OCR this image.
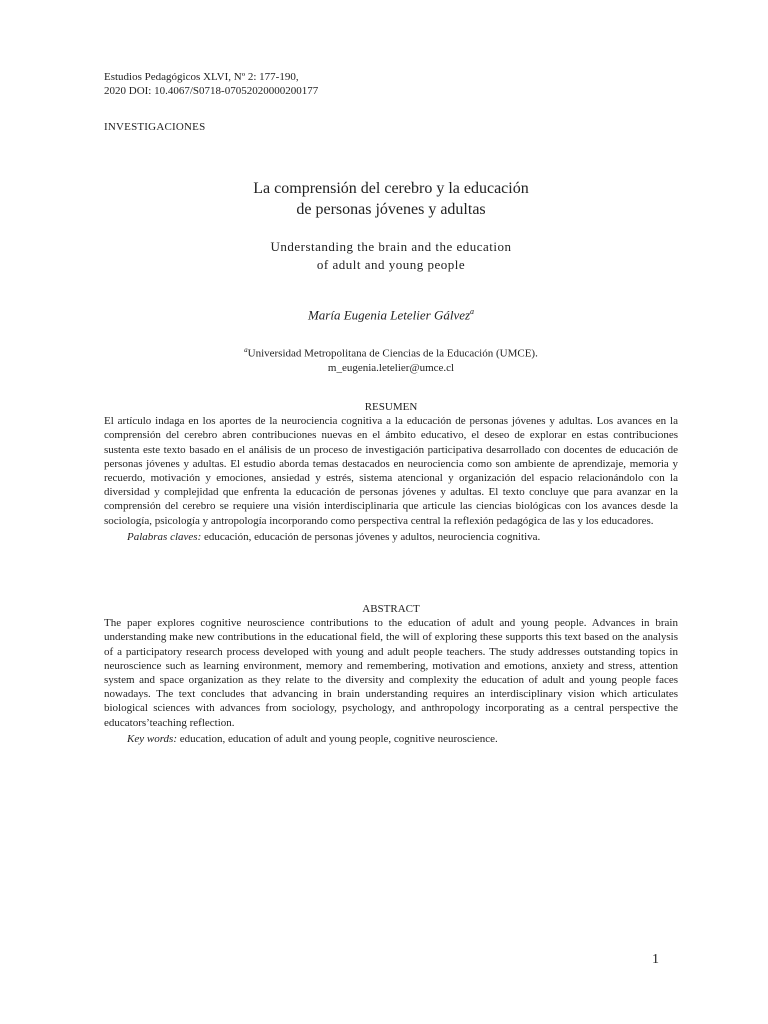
Estudios Pedagógicos XLVI, Nº 2: 177-190,
2020 DOI: 10.4067/S0718-07052020000200177
INVESTIGACIONES
La comprensión del cerebro y la educación
de personas jóvenes y adultas
Understanding the brain and the education
of adult and young people
María Eugenia Letelier Gálvez$^a$
$^a$Universidad Metropolitana de Ciencias de la Educación (UMCE).
m_eugenia.letelier@umce.cl
RESUMEN

El artículo indaga en los aportes de la neurociencia cognitiva a la educación de personas jóvenes y adultas. Los avances en la comprensión del cerebro abren contribuciones nuevas en el ámbito educativo, el deseo de explorar en estas contribuciones sustenta este texto basado en el análisis de un proceso de investigación participativa desarrollado con docentes de educación de personas jóvenes y adultas. El estudio aborda temas destacados en neurociencia como son ambiente de aprendizaje, memoria y recuerdo, motivación y emociones, ansiedad y estrés, sistema atencional y organización del espacio relacionándolo con la diversidad y complejidad que enfrenta la educación de personas jóvenes y adultas. El texto concluye que para avanzar en la comprensión del cerebro se requiere una visión interdisciplinaria que articule las ciencias biológicas con los avances desde la sociología, psicología y antropología incorporando como perspectiva central la reflexión pedagógica de las y los educadores.

Palabras claves: educación, educación de personas jóvenes y adultos, neurociencia cognitiva.

ABSTRACT

The paper explores cognitive neuroscience contributions to the education of adult and young people. Advances in brain understanding make new contributions in the educational field, the will of exploring these supports this text based on the analysis of a participatory research process developed with young and adult people teachers. The study addresses outstanding topics in neuroscience such as learning environment, memory and remembering, motivation and emotions, anxiety and stress, attention system and space organization as they relate to the diversity and complexity the education of adult and young people faces nowadays. The text concludes that advancing in brain understanding requires an interdisciplinary vision which articulates biological sciences with advances from sociology, psychology, and anthropology incorporating as a central perspective the educators’teaching reflection.

Key words: education, education of adult and young people, cognitive neuroscience.

1
